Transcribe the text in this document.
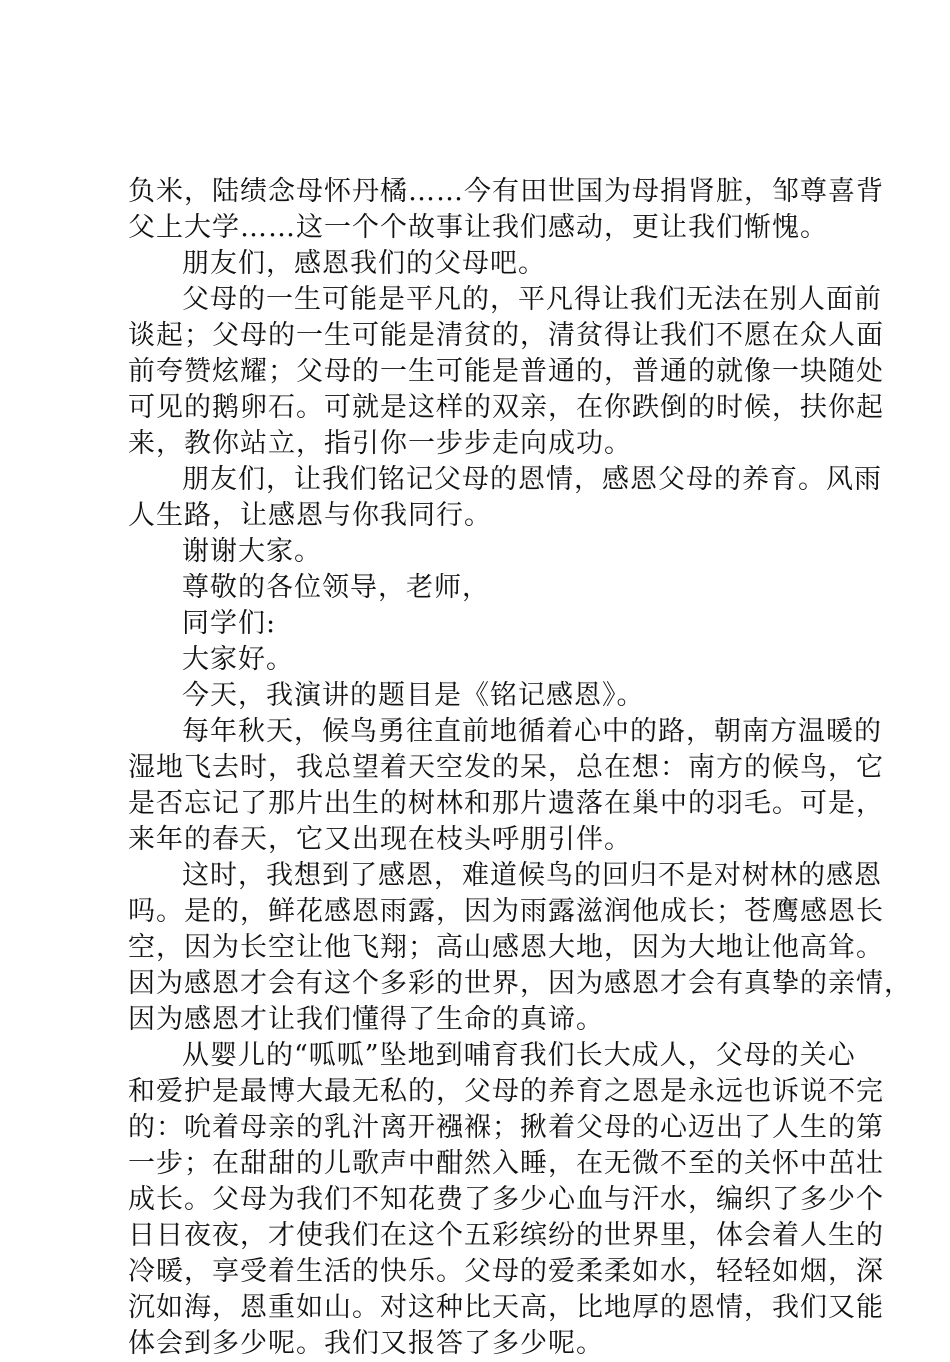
负米，陆绩念母怀丹橘……今有田世国为母捐肾脏，邹尊喜背
父上大学……这一个个故事让我们感动，更让我们惭愧。
朋友们，感恩我们的父母吧。
父母的一生可能是平凡的，平凡得让我们无法在别人面前
谈起；父母的一生可能是清贫的，清贫得让我们不愿在众人面
前夸赞炫耀；父母的一生可能是普通的，普通的就像一块随处
可见的鹅卵石。可就是这样的双亲，在你跌倒的时候，扶你起
来，教你站立，指引你一步步走向成功。
朋友们，让我们铭记父母的恩情，感恩父母的养育。风雨
人生路，让感恩与你我同行。
谢谢大家。
尊敬的各位领导，老师，
同学们:
大家好。
今天，我演讲的题目是《铭记感恩》。
每年秋天，候鸟勇往直前地循着心中的路，朝南方温暖的
湿地飞去时，我总望着天空发的呆，总在想：南方的候鸟，它
是否忘记了那片出生的树林和那片遗落在巢中的羽毛。可是，
来年的春天，它又出现在枝头呼朋引伴。
这时，我想到了感恩，难道候鸟的回归不是对树林的感恩
吗。是的，鲜花感恩雨露，因为雨露滋润他成长；苍鹰感恩长
空，因为长空让他飞翔；高山感恩大地，因为大地让他高耸。
因为感恩才会有这个多彩的世界，因为感恩才会有真挚的亲情，
因为感恩才让我们懂得了生命的真谛。
从婴儿的“呱呱”坠地到哺育我们长大成人，父母的关心
和爱护是最博大最无私的，父母的养育之恩是永远也诉说不完
的：吮着母亲的乳汁离开襁褓；揪着父母的心迈出了人生的第
一步；在甜甜的儿歌声中酣然入睡，在无微不至的关怀中茁壮
成长。父母为我们不知花费了多少心血与汗水，编织了多少个
日日夜夜，才使我们在这个五彩缤纷的世界里，体会着人生的
冷暖，享受着生活的快乐。父母的爱柔柔如水，轻轻如烟，深
沉如海，恩重如山。对这种比天高，比地厚的恩情，我们又能
体会到多少呢。我们又报答了多少呢。
